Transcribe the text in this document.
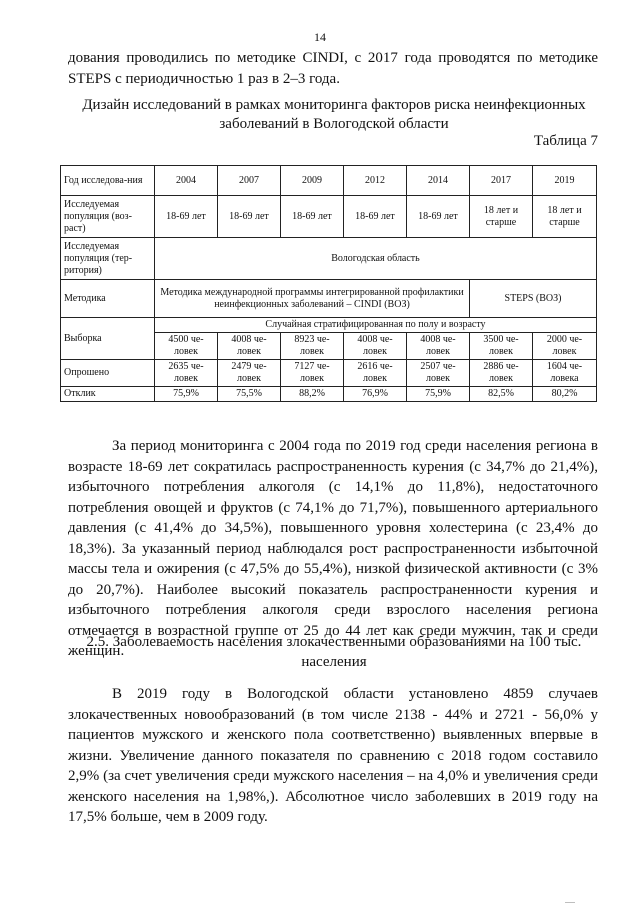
14
дования проводились по методике CINDI, с 2017 года проводятся по методике STEPS с периодичностью 1 раз в 2–3 года.
Дизайн исследований в рамках мониторинга факторов риска неинфекционных заболеваний в Вологодской области
Таблица 7
Год исследова-ния	2004	2007	2009	2012	2014	2017	2019
Исследуемая популяция (воз-раст)	18-69 лет	18-69 лет	18-69 лет	18-69 лет	18-69 лет	18 лет и старше	18 лет и старше
Исследуемая популяция (тер-ритория)	Вологодская область						
Методика	Методика международной программы интегрированной профилактики неинфекционных заболеваний – CINDI (ВОЗ)					STEPS (ВОЗ)	
Выборка	Случайная стратифицированная по полу и возрасту						
	4500 че-ловек	4008 че-ловек	8923 че-ловек	4008 че-ловек	4008 че-ловек	3500 че-ловек	2000 че-ловек
Опрошено	2635 че-ловек	2479 че-ловек	7127 че-ловек	2616 че-ловек	2507 че-ловек	2886 че-ловек	1604 че-ловека
Отклик	75,9%	75,5%	88,2%	76,9%	75,9%	82,5%	80,2%
За период мониторинга с 2004 года по 2019 год среди населения региона в возрасте 18-69 лет сократилась распространенность курения (с 34,7% до 21,4%), избыточного потребления алкоголя (с 14,1% до 11,8%), недостаточного потребления овощей и фруктов (с 74,1% до 71,7%), повышенного артериального давления (с 41,4% до 34,5%), повышенного уровня холестерина (с 23,4% до 18,3%). За указанный период наблюдался рост распространенности избыточной массы тела и ожирения (с 47,5% до 55,4%), низкой физической активности (с 3% до 20,7%). Наиболее высокий показатель распространенности курения и избыточного потребления алкоголя среди взрослого населения региона отмечается в возрастной группе от 25 до 44 лет как среди мужчин, так и среди женщин.
2.5. Заболеваемость населения злокачественными образованиями на 100 тыс. населения
В 2019 году в Вологодской области установлено 4859 случаев злокачественных новообразований (в том числе 2138 - 44% и 2721 - 56,0% у пациентов мужского и женского пола соответственно) выявленных впервые в жизни. Увеличение данного показателя по сравнению с 2018 годом составило 2,9% (за счет увеличения среди мужского населения – на 4,0% и увеличения среди женского населения на 1,98%,). Абсолютное число заболевших в 2019 году на 17,5% больше, чем в 2009 году.
.....
